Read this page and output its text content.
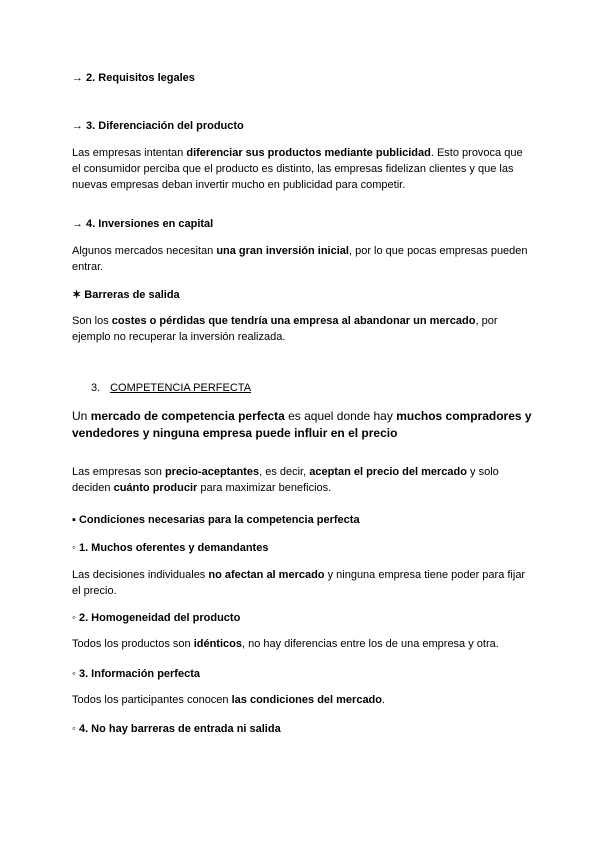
→ 2. Requisitos legales
→ 3. Diferenciación del producto

Las empresas intentan diferenciar sus productos mediante publicidad. Esto provoca que el consumidor perciba que el producto es distinto, las empresas fidelizan clientes y que las nuevas empresas deban invertir mucho en publicidad para competir.

→ 4. Inversiones en capital

Algunos mercados necesitan una gran inversión inicial, por lo que pocas empresas pueden entrar.

✶ Barreras de salida

Son los costes o pérdidas que tendría una empresa al abandonar un mercado, por ejemplo no recuperar la inversión realizada.

3. COMPETENCIA PERFECTA

Un mercado de competencia perfecta es aquel donde hay muchos compradores y vendedores y ninguna empresa puede influir en el precio

Las empresas son precio-aceptantes, es decir, aceptan el precio del mercado y solo deciden cuánto producir para maximizar beneficios.

▪ Condiciones necesarias para la competencia perfecta
◦ 1. Muchos oferentes y demandantes

Las decisiones individuales no afectan al mercado y ninguna empresa tiene poder para fijar el precio.

◦ 2. Homogeneidad del producto

Todos los productos son idénticos, no hay diferencias entre los de una empresa y otra.

◦ 3. Información perfecta

Todos los participantes conocen las condiciones del mercado.

◦ 4. No hay barreras de entrada ni salida
